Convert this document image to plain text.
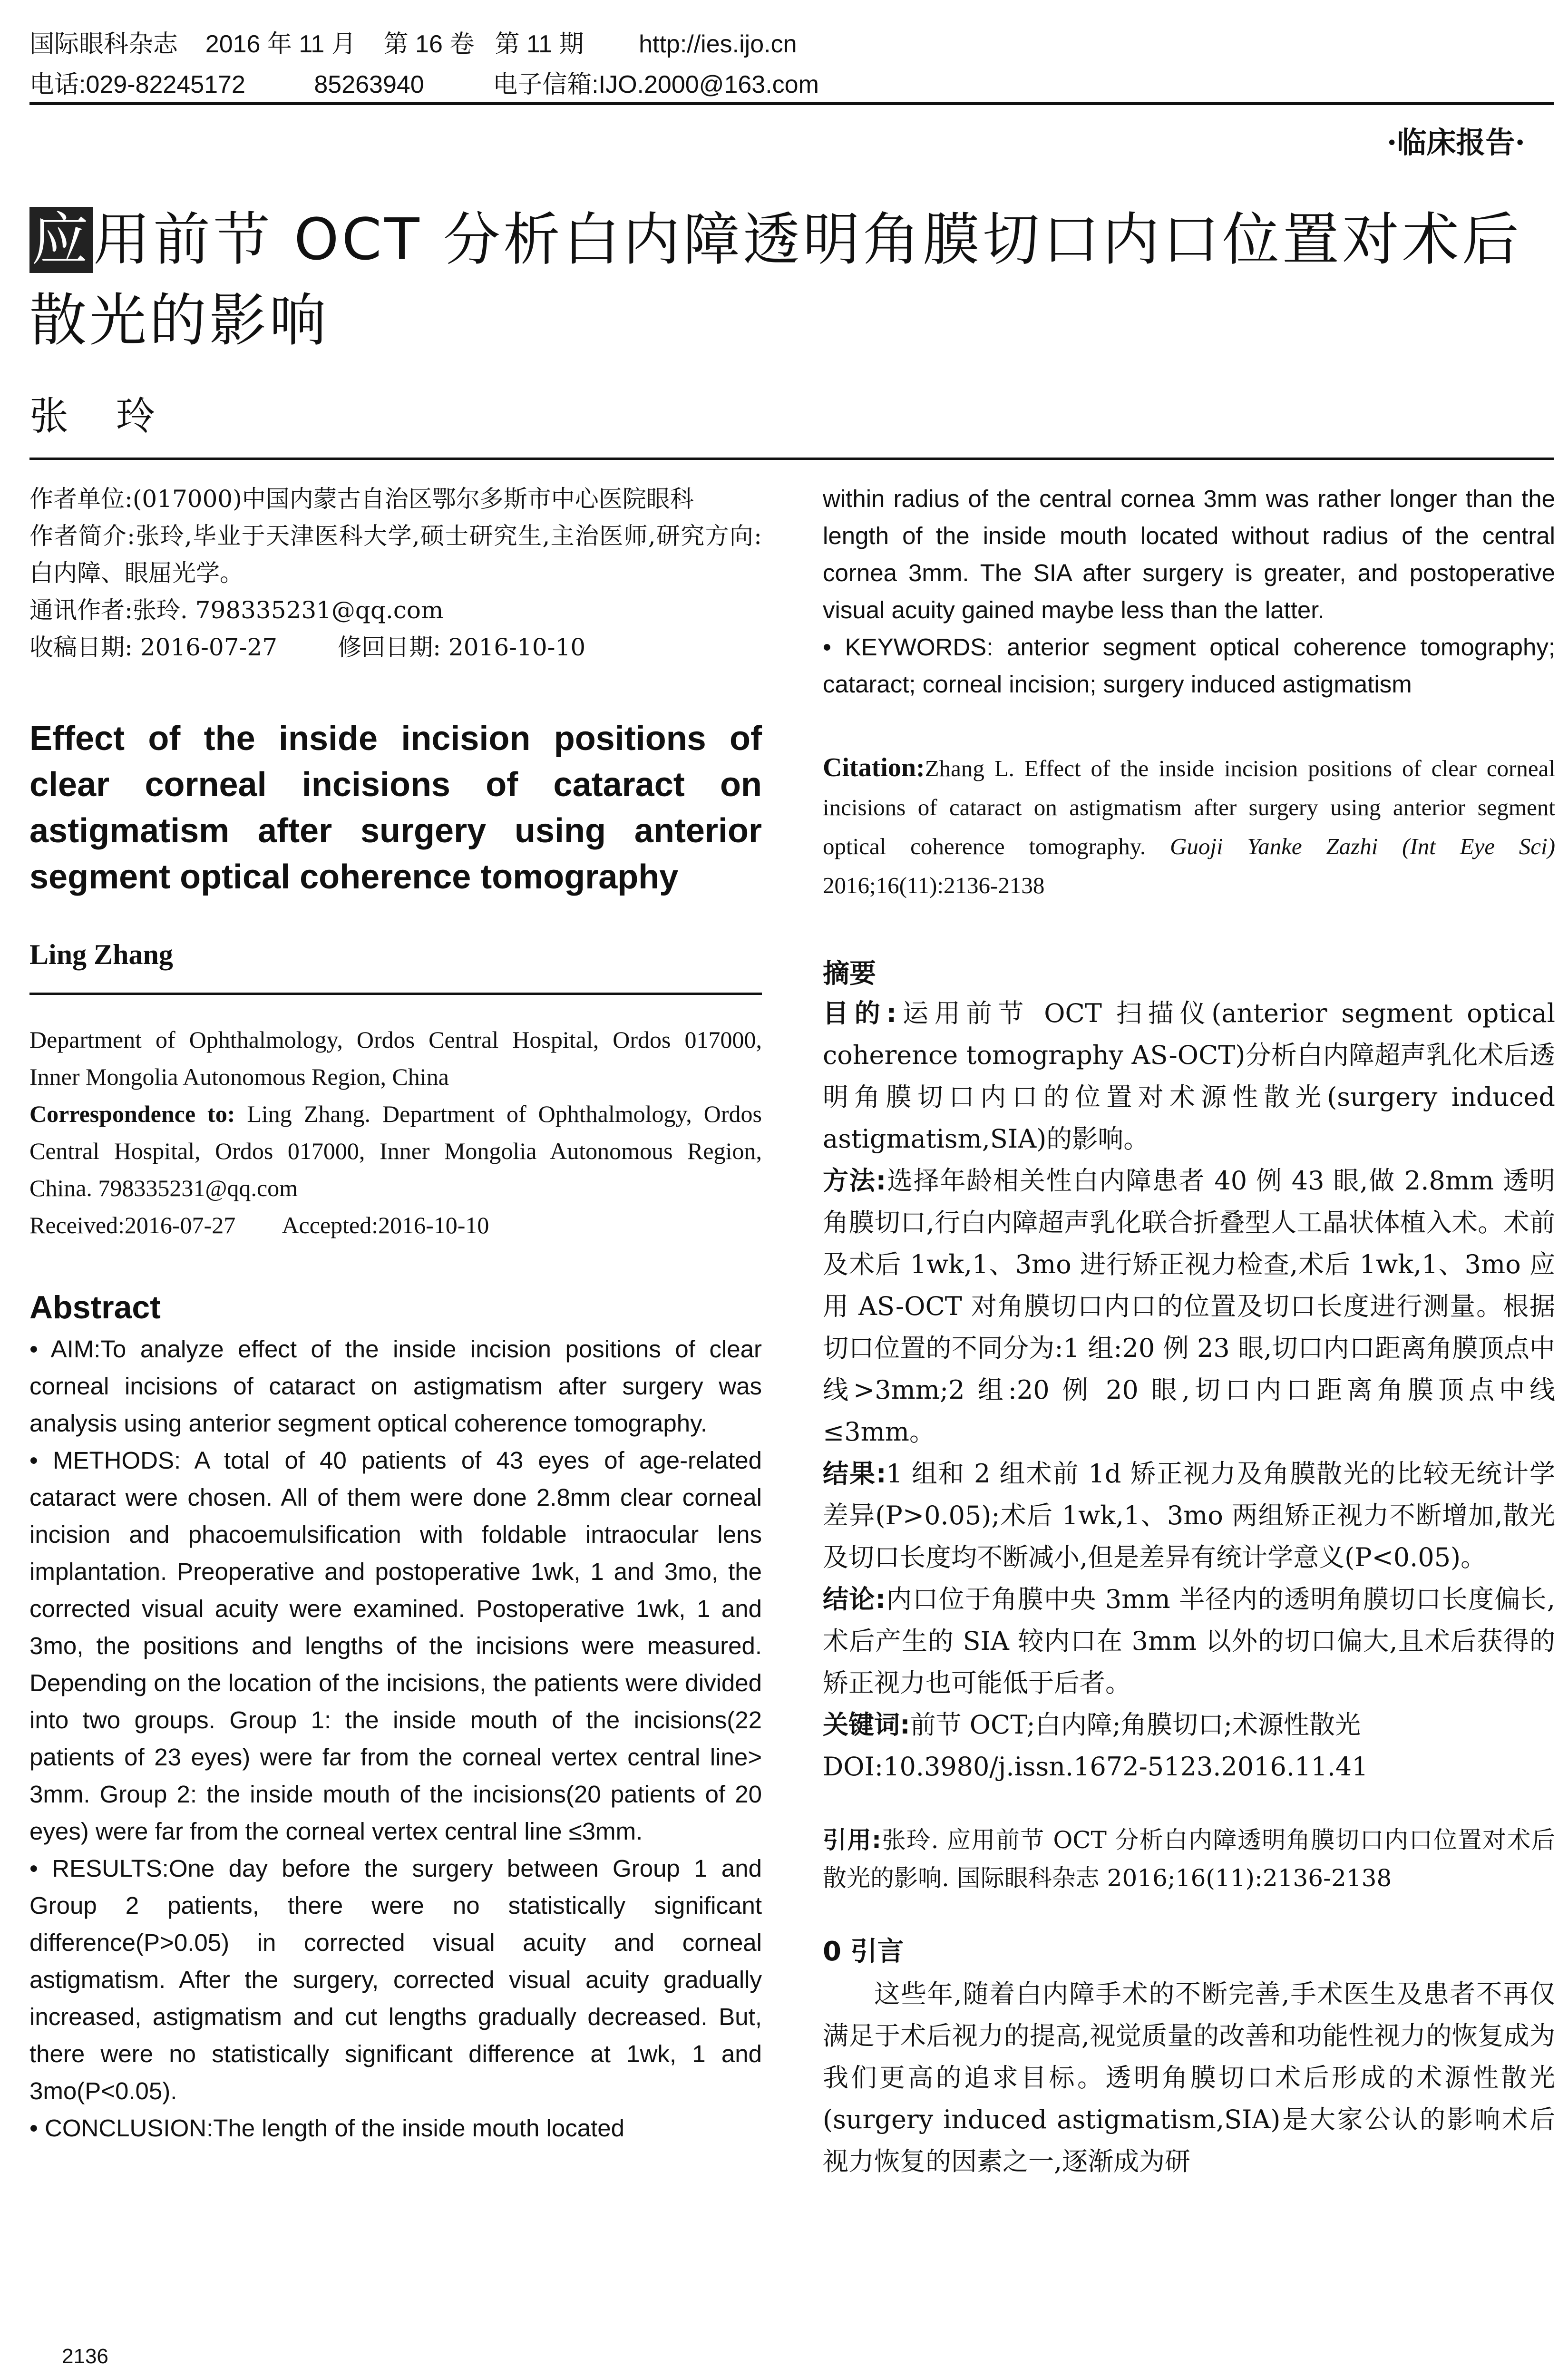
国际眼科杂志    2016 年 11 月    第 16 卷   第 11 期        http://ies.ijo.cn
电话:029-82245172          85263940          电子信箱:IJO.2000@163.com
·临床报告·
应用前节 OCT 分析白内障透明角膜切口内口位置对术后散光的影响
张玲
作者单位:(017000)中国内蒙古自治区鄂尔多斯市中心医院眼科
作者简介:张玲,毕业于天津医科大学,硕士研究生,主治医师,研究方向:白内障、眼屈光学。
通讯作者:张玲. 798335231@qq.com
收稿日期: 2016-07-27        修回日期: 2016-10-10
Effect of the inside incision positions of clear corneal incisions of cataract on astigmatism after surgery using anterior segment optical coherence tomography
Ling Zhang
Department of Ophthalmology, Ordos Central Hospital, Ordos 017000, Inner Mongolia Autonomous Region, China
Correspondence to: Ling Zhang. Department of Ophthalmology, Ordos Central Hospital, Ordos 017000, Inner Mongolia Autonomous Region, China. 798335231@qq.com
Received:2016-07-27        Accepted:2016-10-10
Abstract

• AIM:To analyze effect of the inside incision positions of clear corneal incisions of cataract on astigmatism after surgery was analysis using anterior segment optical coherence tomography.

• METHODS: A total of 40 patients of 43 eyes of age-related cataract were chosen. All of them were done 2.8mm clear corneal incision and phacoemulsification with foldable intraocular lens implantation. Preoperative and postoperative 1wk, 1 and 3mo, the corrected visual acuity were examined. Postoperative 1wk, 1 and 3mo, the positions and lengths of the incisions were measured. Depending on the location of the incisions, the patients were divided into two groups. Group 1: the inside mouth of the incisions(22 patients of 23 eyes) were far from the corneal vertex central line> 3mm. Group 2: the inside mouth of the incisions(20 patients of 20 eyes) were far from the corneal vertex central line ≤3mm.

• RESULTS:One day before the surgery between Group 1 and Group 2 patients, there were no statistically significant difference(P>0.05) in corrected visual acuity and corneal astigmatism. After the surgery, corrected visual acuity gradually increased, astigmatism and cut lengths gradually decreased. But, there were no statistically significant difference at 1wk, 1 and 3mo(P<0.05).

• CONCLUSION:The length of the inside mouth located

within radius of the central cornea 3mm was rather longer than the length of the inside mouth located without radius of the central cornea 3mm. The SIA after surgery is greater, and postoperative visual acuity gained maybe less than the latter.

• KEYWORDS: anterior segment optical coherence tomography; cataract; corneal incision; surgery induced astigmatism

Citation:Zhang L. Effect of the inside incision positions of clear corneal incisions of cataract on astigmatism after surgery using anterior segment optical coherence tomography. Guoji Yanke Zazhi (Int Eye Sci) 2016;16(11):2136-2138
摘要
目的:运用前节 OCT 扫描仪(anterior segment optical coherence tomography AS-OCT)分析白内障超声乳化术后透明角膜切口内口的位置对术源性散光(surgery induced astigmatism,SIA)的影响。
方法:选择年龄相关性白内障患者 40 例 43 眼,做 2.8mm 透明角膜切口,行白内障超声乳化联合折叠型人工晶状体植入术。术前及术后 1wk,1、3mo 进行矫正视力检查,术后 1wk,1、3mo 应用 AS-OCT 对角膜切口内口的位置及切口长度进行测量。根据切口位置的不同分为:1 组:20 例 23 眼,切口内口距离角膜顶点中线>3mm;2 组:20 例 20 眼,切口内口距离角膜顶点中线≤3mm。
结果:1 组和 2 组术前 1d 矫正视力及角膜散光的比较无统计学差异(P>0.05);术后 1wk,1、3mo 两组矫正视力不断增加,散光及切口长度均不断减小,但是差异有统计学意义(P<0.05)。
结论:内口位于角膜中央 3mm 半径内的透明角膜切口长度偏长,术后产生的 SIA 较内口在 3mm 以外的切口偏大,且术后获得的矫正视力也可能低于后者。
关键词:前节 OCT;白内障;角膜切口;术源性散光
DOI:10.3980/j.issn.1672-5123.2016.11.41
引用:张玲. 应用前节 OCT 分析白内障透明角膜切口内口位置对术后散光的影响. 国际眼科杂志 2016;16(11):2136-2138
0 引言
这些年,随着白内障手术的不断完善,手术医生及患者不再仅满足于术后视力的提高,视觉质量的改善和功能性视力的恢复成为我们更高的追求目标。透明角膜切口术后形成的术源性散光(surgery induced astigmatism,SIA)是大家公认的影响术后视力恢复的因素之一,逐渐成为研
2136
